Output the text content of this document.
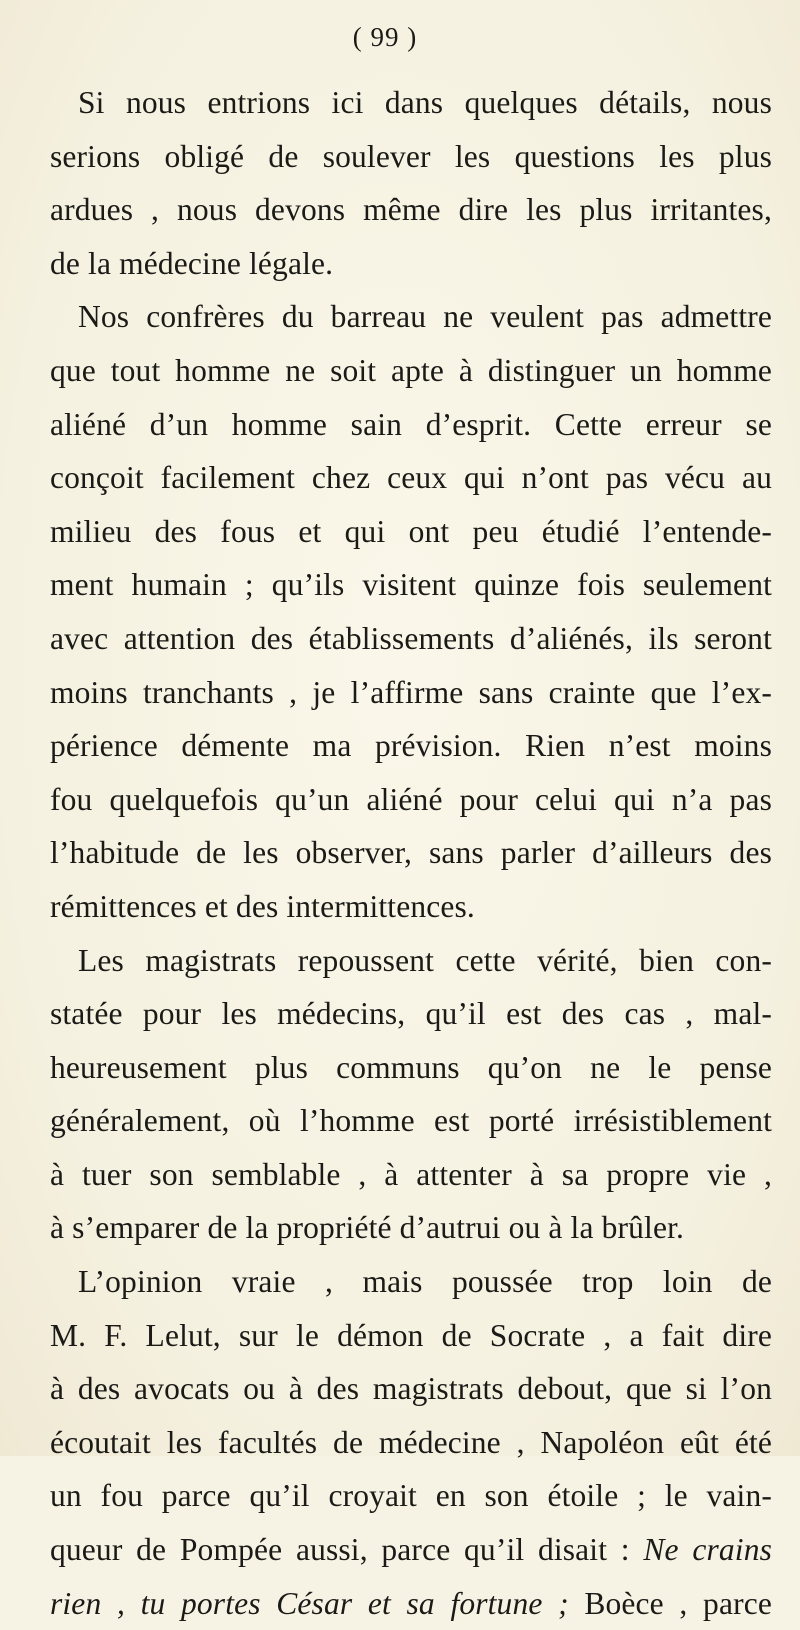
( 99 )
Si nous entrions ici dans quelques détails, nous
serions obligé de soulever les questions les plus
ardues , nous devons même dire les plus irritantes,
de la médecine légale.
Nos confrères du barreau ne veulent pas admettre
que tout homme ne soit apte à distinguer un homme
aliéné d’un homme sain d’esprit. Cette erreur se
conçoit facilement chez ceux qui n’ont pas vécu au
milieu des fous et qui ont peu étudié l’entende-
ment humain ; qu’ils visitent quinze fois seulement
avec attention des établissements d’aliénés, ils seront
moins tranchants , je l’affirme sans crainte que l’ex-
périence démente ma prévision. Rien n’est moins
fou quelquefois qu’un aliéné pour celui qui n’a pas
l’habitude de les observer, sans parler d’ailleurs des
rémittences et des intermittences.
Les magistrats repoussent cette vérité, bien con-
statée pour les médecins, qu’il est des cas , mal-
heureusement plus communs qu’on ne le pense
généralement, où l’homme est porté irrésistiblement
à tuer son semblable , à attenter à sa propre vie ,
à s’emparer de la propriété d’autrui ou à la brûler.
L’opinion vraie , mais poussée trop loin de
M. F. Lelut, sur le démon de Socrate , a fait dire
à des avocats ou à des magistrats debout, que si l’on
écoutait les facultés de médecine , Napoléon eût été
un fou parce qu’il croyait en son étoile ; le vain-
queur de Pompée aussi, parce qu’il disait : Ne crains
rien , tu portes César et sa fortune ; Boèce , parce
